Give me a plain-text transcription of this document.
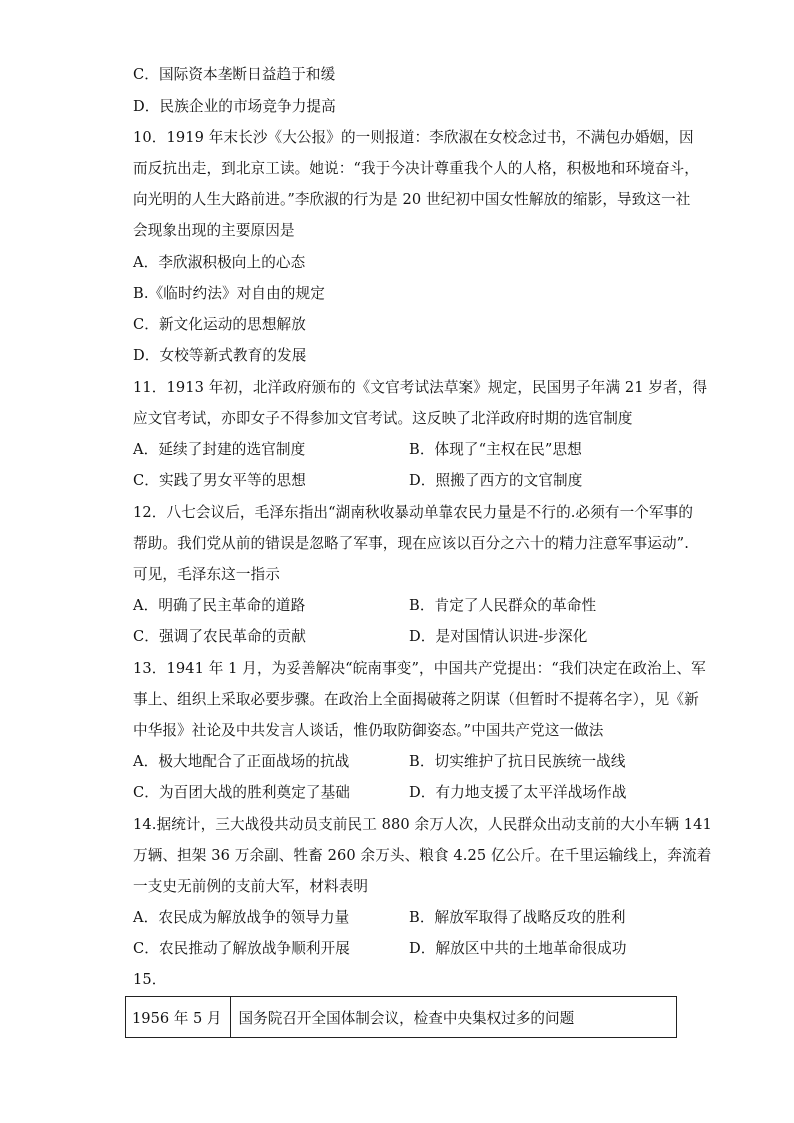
C．国际资本垄断日益趋于和缓
D．民族企业的市场竞争力提高
10．1919 年末长沙《大公报》的一则报道：李欣淑在女校念过书，不满包办婚姻，因
而反抗出走，到北京工读。她说：“我于今决计尊重我个人的人格，积极地和环境奋斗，
向光明的人生大路前进。”李欣淑的行为是 20 世纪初中国女性解放的缩影，导致这一社
会现象出现的主要原因是
A．李欣淑积极向上的心态
B.《临时约法》对自由的规定
C．新文化运动的思想解放
D．女校等新式教育的发展
11．1913 年初，北洋政府颁布的《文官考试法草案》规定，民国男子年满 21 岁者，得
应文官考试，亦即女子不得参加文官考试。这反映了北洋政府时期的选官制度
A．延续了封建的选官制度	B．体现了“主权在民”思想
C．实践了男女平等的思想	D．照搬了西方的文官制度
12．八七会议后，毛泽东指出“湖南秋收暴动单靠农民力量是不行的.必须有一个军事的
帮助。我们党从前的错误是忽略了军事，现在应该以百分之六十的精力注意军事运动”.
可见，毛泽东这一指示
A．明确了民主革命的道路	B．肯定了人民群众的革命性
C．强调了农民革命的贡献	D．是对国情认识进-步深化
13．1941 年 1 月，为妥善解决“皖南事变”，中国共产党提出：“我们决定在政治上、军
事上、组织上采取必要步骤。在政治上全面揭破蒋之阴谋（但暂时不提蒋名字），见《新
中华报》社论及中共发言人谈话，惟仍取防御姿态。”中国共产党这一做法
A．极大地配合了正面战场的抗战	B．切实维护了抗日民族统一战线
C．为百团大战的胜利奠定了基础	D．有力地支援了太平洋战场作战
14.据统计，三大战役共动员支前民工 880 余万人次，人民群众出动支前的大小车辆 141
万辆、担架 36 万余副、牲畜 260 余万头、粮食 4.25 亿公斤。在千里运输线上，奔流着
一支史无前例的支前大军，材料表明
A．农民成为解放战争的领导力量	B．解放军取得了战略反攻的胜利
C．农民推动了解放战争顺利开展	D．解放区中共的土地革命很成功
15．
1956 年 5 月	国务院召开全国体制会议，检查中央集权过多的问题
